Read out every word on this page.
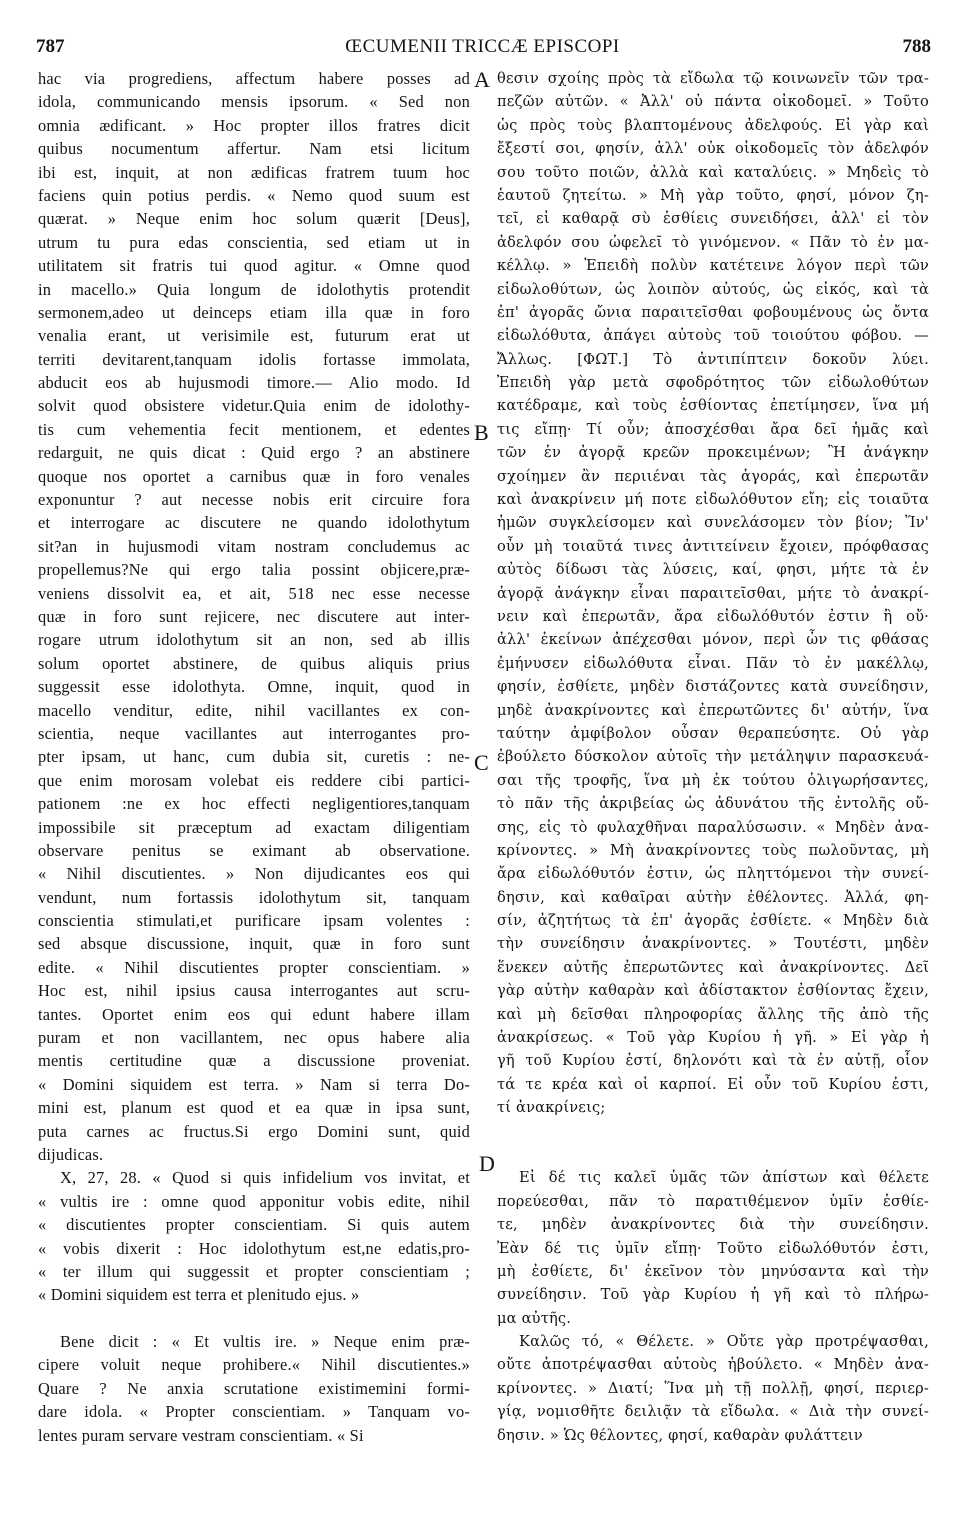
787	ŒCUMENII TRICCÆ EPISCOPI	788
A
B
C
D
hac via progrediens, affectum habere posses ad
idola, communicando mensis ipsorum. « Sed non
omnia ædificant. » Hoc propter illos fratres dicit
quibus nocumentum affertur. Nam etsi licitum
ibi est, inquit, at non ædificas fratrem tuum hoc
faciens quin potius perdis. « Nemo quod suum est
quærat. » Neque enim hoc solum quærit [Deus],
utrum tu pura edas conscientia, sed etiam ut in
utilitatem sit fratris tui quod agitur. « Omne quod
in macello.» Quia longum de idolothytis protendit
sermonem,adeo ut deinceps etiam illa quæ in foro
venalia erant, ut verisimile est, futurum erat ut
territi devitarent,tanquam idolis fortasse immolata,
abducit eos ab hujusmodi timore.— Alio modo. Id
solvit quod obsistere videtur.Quia enim de idolothy-
tis cum vehementia fecit mentionem, et edentes
redarguit, ne quis dicat : Quid ergo ? an abstinere
quoque nos oportet a carnibus quæ in foro venales
exponuntur ? aut necesse nobis erit circuire fora
et interrogare ac discutere ne quando idolothytum
sit?an in hujusmodi vitam nostram concludemus ac
propellemus?Ne qui ergo talia possint objicere,præ-
veniens dissolvit ea, et ait, 518 nec esse necesse
quæ in foro sunt rejicere, nec discutere aut inter-
rogare utrum idolothytum sit an non, sed ab illis
solum oportet abstinere, de quibus aliquis prius
suggessit esse idolothyta. Omne, inquit, quod in
macello venditur, edite, nihil vacillantes ex con-
scientia, neque vacillantes aut interrogantes pro-
pter ipsam, ut hanc, cum dubia sit, curetis : ne-
que enim morosam volebat eis reddere cibi partici-
pationem :ne ex hoc effecti negligentiores,tanquam
impossibile sit præceptum ad exactam diligentiam
observare penitus se eximant ab observatione.
« Nihil discutientes. » Non dijudicantes eos qui
vendunt, num fortassis idolothytum sit, tanquam
conscientia stimulati,et purificare ipsam volentes :
sed absque discussione, inquit, quæ in foro sunt
edite. « Nihil discutientes propter conscientiam. »
Hoc est, nihil ipsius causa interrogantes aut scru-
tantes. Oportet enim eos qui edunt habere illam
puram et non vacillantem, nec opus habere alia
mentis certitudine quæ a discussione proveniat.
« Domini siquidem est terra. » Nam si terra Do-
mini est, planum est quod et ea quæ in ipsa sunt,
puta carnes ac fructus.Si ergo Domini sunt, quid
dijudicas.
X, 27, 28. « Quod si quis infidelium vos invitat, et
« vultis ire : omne quod apponitur vobis edite, nihil
« discutientes propter conscientiam. Si quis autem
« vobis dixerit : Hoc idolothytum est,ne edatis,pro-
« ter illum qui suggessit et propter conscientiam ;
« Domini siquidem est terra et plenitudo ejus. »
Bene dicit : « Et vultis ire. » Neque enim præ-
cipere voluit neque prohibere.« Nihil discutientes.»
Quare ? Ne anxia scrutatione existimemini formi-
dare idola. « Propter conscientiam. » Tanquam vo-
lentes puram servare vestram conscientiam. « Si
θεσιν σχοίης πρὸς τὰ εἴδωλα τῷ κοινωνεῖν τῶν τρα-
πεζῶν αὐτῶν. « Ἀλλ' οὐ πάντα οἰκοδομεῖ. » Τοῦτο
ὡς πρὸς τοὺς βλαπτομένους ἀδελφούς. Εἰ γὰρ καὶ
ἔξεστί σοι, φησίν, ἀλλ' οὐκ οἰκοδομεῖς τὸν ἀδελφόν
σου τοῦτο ποιῶν, ἀλλὰ καὶ καταλύεις. » Μηδεὶς τὸ
ἑαυτοῦ ζητείτω. » Μὴ γὰρ τοῦτο, φησί, μόνον ζη-
τεῖ, εἰ καθαρᾷ σὺ ἐσθίεις συνειδήσει, ἀλλ' εἰ τὸν
ἀδελφόν σου ὠφελεῖ τὸ γινόμενον. « Πᾶν τὸ ἐν μα-
κέλλῳ. » Ἐπειδὴ πολὺν κατέτεινε λόγον περὶ τῶν
εἰδωλοθύτων, ὡς λοιπὸν αὐτούς, ὡς εἰκός, καὶ τὰ
ἐπ' ἀγορᾶς ὤνια παραιτεῖσθαι φοβουμένους ὡς ὄντα
εἰδωλόθυτα, ἀπάγει αὐτοὺς τοῦ τοιούτου φόβου. —
Ἄλλως. [ΦΩΤ.] Τὸ ἀντιπίπτειν δοκοῦν λύει.
Ἐπειδὴ γὰρ μετὰ σφοδρότητος τῶν εἰδωλοθύτων
κατέδραμε, καὶ τοὺς ἐσθίοντας ἐπετίμησεν, ἵνα μή
τις εἴπῃ· Τί οὖν; ἀποσχέσθαι ἄρα δεῖ ἡμᾶς καὶ
τῶν ἐν ἀγορᾷ κρεῶν προκειμένων; Ἢ ἀνάγκην
σχοίημεν ἂν περιιέναι τὰς ἀγοράς, καὶ ἐπερωτᾶν
καὶ ἀνακρίνειν μή ποτε εἰδωλόθυτον εἴη; εἰς τοιαῦτα
ἡμῶν συγκλείσομεν καὶ συνελάσομεν τὸν βίον; Ἵν'
οὖν μὴ τοιαῦτά τινες ἀντιτείνειν ἔχοιεν, πρόφθασας
αὐτὸς δίδωσι τὰς λύσεις, καί, φησι, μήτε τὰ ἐν
ἀγορᾷ ἀνάγκην εἶναι παραιτεῖσθαι, μήτε τὸ ἀνακρί-
νειν καὶ ἐπερωτᾶν, ἄρα εἰδωλόθυτόν ἐστιν ἢ οὔ·
ἀλλ' ἐκείνων ἀπέχεσθαι μόνον, περὶ ὧν τις φθάσας
ἐμήνυσεν εἰδωλόθυτα εἶναι. Πᾶν τὸ ἐν μακέλλῳ,
φησίν, ἐσθίετε, μηδὲν διστάζοντες κατὰ συνείδησιν,
μηδὲ ἀνακρίνοντες καὶ ἐπερωτῶντες δι' αὐτήν, ἵνα
ταύτην ἀμφίβολον οὖσαν θεραπεύσητε. Οὐ γὰρ
ἐβούλετο δύσκολον αὐτοῖς τὴν μετάληψιν παρασκευά-
σαι τῆς τροφῆς, ἵνα μὴ ἐκ τούτου ὀλιγωρήσαντες,
τὸ πᾶν τῆς ἀκριβείας ὡς ἀδυνάτου τῆς ἐντολῆς οὔ-
σης, εἰς τὸ φυλαχθῆναι παραλύσωσιν. « Μηδὲν ἀνα-
κρίνοντες. » Μὴ ἀνακρίνοντες τοὺς πωλοῦντας, μὴ
ἄρα εἰδωλόθυτόν ἐστιν, ὡς πληττόμενοι τὴν συνεί-
δησιν, καὶ καθαῖραι αὐτὴν ἐθέλοντες. Ἀλλά, φη-
σίν, ἀζητήτως τὰ ἐπ' ἀγορᾶς ἐσθίετε. « Μηδὲν διὰ
τὴν συνείδησιν ἀνακρίνοντες. » Τουτέστι, μηδὲν
ἕνεκεν αὐτῆς ἐπερωτῶντες καὶ ἀνακρίνοντες. Δεῖ
γὰρ αὐτὴν καθαρὰν καὶ ἀδίστακτον ἐσθίοντας ἔχειν,
καὶ μὴ δεῖσθαι πληροφορίας ἄλλης τῆς ἀπὸ τῆς
ἀνακρίσεως. « Τοῦ γὰρ Κυρίου ἡ γῆ. » Εἰ γὰρ ἡ
γῆ τοῦ Κυρίου ἐστί, δηλονότι καὶ τὰ ἐν αὐτῇ, οἷον
τά τε κρέα καὶ οἱ καρποί. Εἰ οὖν τοῦ Κυρίου ἐστι,
τί ἀνακρίνεις;
Εἰ δέ τις καλεῖ ὑμᾶς τῶν ἀπίστων καὶ θέλετε
πορεύεσθαι, πᾶν τὸ παρατιθέμενον ὑμῖν ἐσθίε-
τε, μηδὲν ἀνακρίνοντες διὰ τὴν συνείδησιν.
Ἐὰν δέ τις ὑμῖν εἴπῃ· Τοῦτο εἰδωλόθυτόν ἐστι,
μὴ ἐσθίετε, δι' ἐκεῖνον τὸν μηνύσαντα καὶ τὴν
συνείδησιν. Τοῦ γὰρ Κυρίου ἡ γῆ καὶ τὸ πλήρω-
μα αὐτῆς.
Καλῶς τό, « Θέλετε. » Οὔτε γὰρ προτρέψασθαι,
οὔτε ἀποτρέψασθαι αὐτοὺς ἠβούλετο. « Μηδὲν ἀνα-
κρίνοντες. » Διατί; Ἵνα μὴ τῇ πολλῇ, φησί, περιερ-
γίᾳ, νομισθῆτε δειλιᾷν τὰ εἴδωλα. « Διὰ τὴν συνεί-
δησιν. » Ὡς θέλοντες, φησί, καθαρὰν φυλάττειν
